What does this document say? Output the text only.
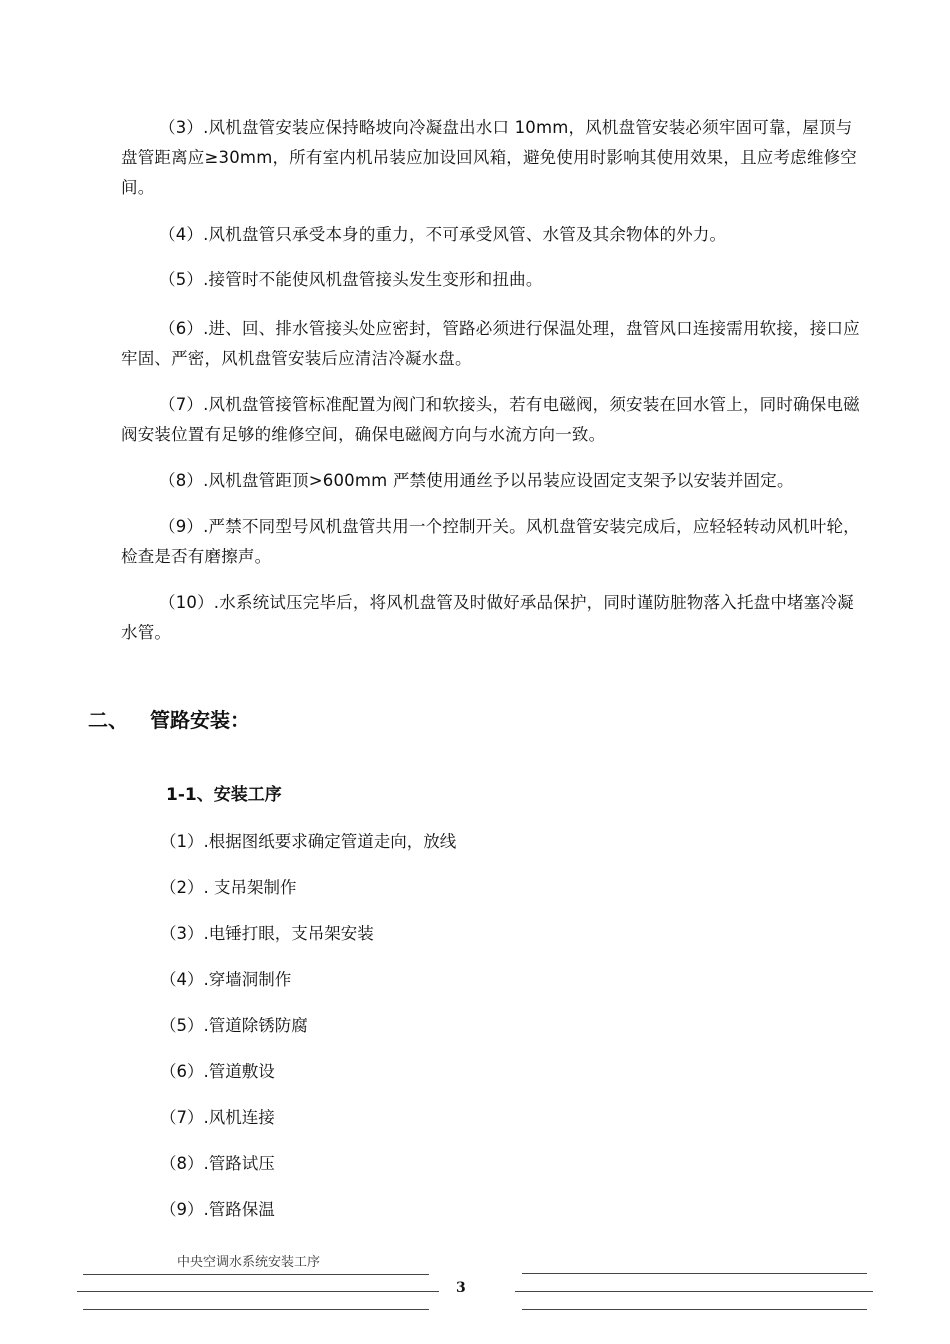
（3）.风机盘管安装应保持略坡向冷凝盘出水口 10mm，风机盘管安装必须牢固可靠，屋顶与盘管距离应≥30mm，所有室内机吊装应加设回风箱，避免使用时影响其使用效果，且应考虑维修空间。

（4）.风机盘管只承受本身的重力，不可承受风管、水管及其余物体的外力。

（5）.接管时不能使风机盘管接头发生变形和扭曲。

（6）.进、回、排水管接头处应密封，管路必须进行保温处理，盘管风口连接需用软接，接口应牢固、严密，风机盘管安装后应清洁冷凝水盘。

（7）.风机盘管接管标准配置为阀门和软接头，若有电磁阀，须安装在回水管上，同时确保电磁阀安装位置有足够的维修空间，确保电磁阀方向与水流方向一致。

（8）.风机盘管距顶>600mm 严禁使用通丝予以吊装应设固定支架予以安装并固定。

（9）.严禁不同型号风机盘管共用一个控制开关。风机盘管安装完成后，应轻轻转动风机叶轮，检查是否有磨擦声。

（10）.水系统试压完毕后，将风机盘管及时做好承品保护，同时谨防脏物落入托盘中堵塞冷凝水管。

二、 管路安装：
1-1、安装工序

（1）.根据图纸要求确定管道走向，放线

（2）. 支吊架制作

（3）.电锤打眼，支吊架安装

（4）.穿墙洞制作

（5）.管道除锈防腐

（6）.管道敷设

（7）.风机连接

（8）.管路试压

（9）.管路保温

中央空调水系统安装工序
3
